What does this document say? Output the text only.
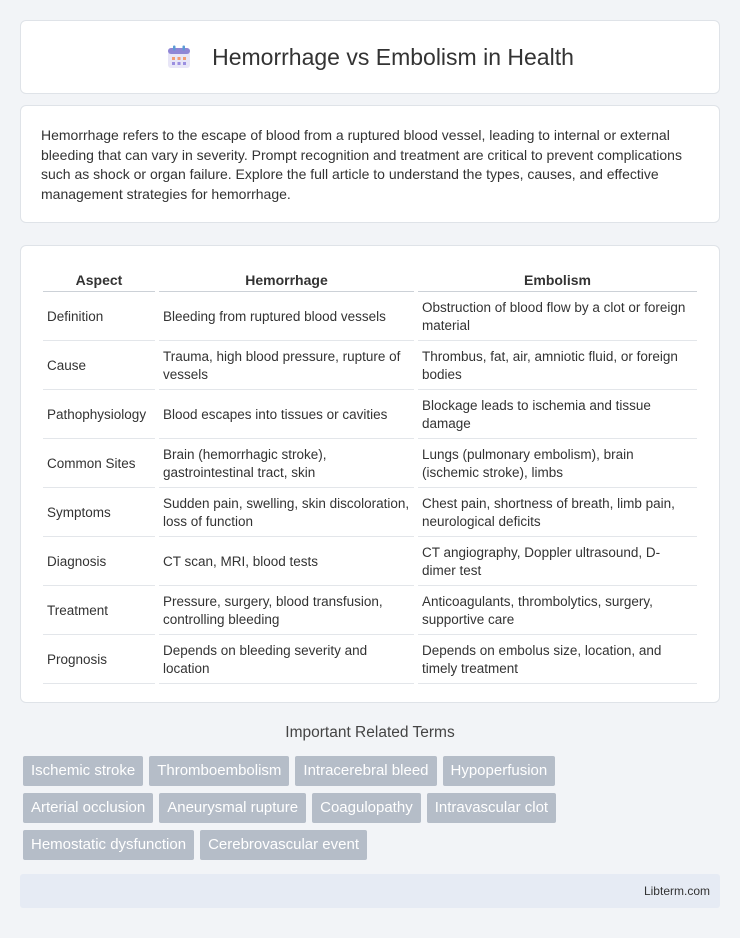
Hemorrhage vs Embolism in Health

Hemorrhage refers to the escape of blood from a ruptured blood vessel, leading to internal or external bleeding that can vary in severity. Prompt recognition and treatment are critical to prevent complications such as shock or organ failure. Explore the full article to understand the types, causes, and effective management strategies for hemorrhage.

Aspect	Hemorrhage	Embolism
Definition	Bleeding from ruptured blood vessels	Obstruction of blood flow by a clot or foreign material
Cause	Trauma, high blood pressure, rupture of vessels	Thrombus, fat, air, amniotic fluid, or foreign bodies
Pathophysiology	Blood escapes into tissues or cavities	Blockage leads to ischemia and tissue damage
Common Sites	Brain (hemorrhagic stroke), gastrointestinal tract, skin	Lungs (pulmonary embolism), brain (ischemic stroke), limbs
Symptoms	Sudden pain, swelling, skin discoloration, loss of function	Chest pain, shortness of breath, limb pain, neurological deficits
Diagnosis	CT scan, MRI, blood tests	CT angiography, Doppler ultrasound, D-dimer test
Treatment	Pressure, surgery, blood transfusion, controlling bleeding	Anticoagulants, thrombolytics, surgery, supportive care
Prognosis	Depends on bleeding severity and location	Depends on embolus size, location, and timely treatment
Important Related Terms
Ischemic stroke	Thromboembolism	Intracerebral bleed	Hypoperfusion
Arterial occlusion	Aneurysmal rupture	Coagulopathy	Intravascular clot
Hemostatic dysfunction	Cerebrovascular event
Libterm.com
